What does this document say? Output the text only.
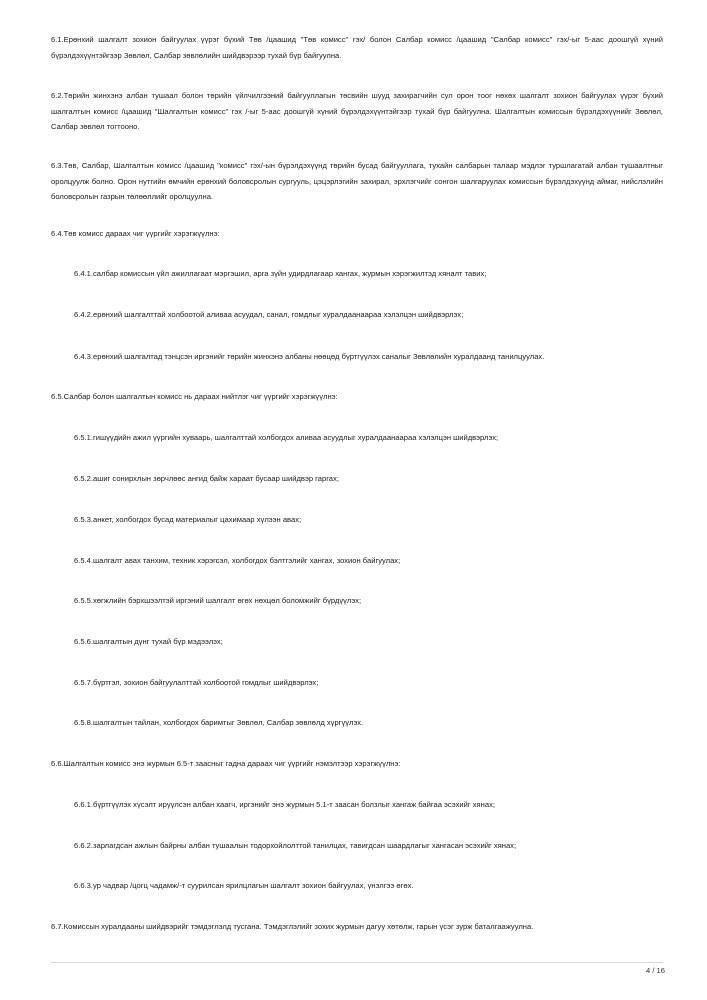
6.1.Ерөнхий шалгалт зохион байгуулах үүрэг бүхий Төв /цаашид "Төв комисс" гэх/ болон Салбар комисс /цаашид "Салбар комисс" гэх/-ыг 5-аас доошгүй хүний бүрэлдэхүүнтэйгээр Зөвлөл, Салбар зөвлөлийн шийдвэрээр тухай бүр байгуулна.

6.2.Төрийн жинхэнэ албан тушаал болон төрийн үйлчилгээний байгууллагын төсвийн шууд захирагчийн сул орон тоог нөхөх шалгалт зохион байгуулах үүрэг бүхий шалгалтын комисс /цаашид "Шалгалтын комисс" гэх /-ыг 5-аас доошгүй хүний бүрэлдэхүүнтэйгээр тухай бүр байгуулна. Шалгалтын комиссын бүрэлдэхүүнийг Зөвлөл, Салбар зөвлөл тогтооно.

6.3.Төв, Салбар, Шалгалтын комисс /цаашид "комисс" гэх/-ын бүрэлдэхүүнд төрийн бусад байгууллага, тухайн салбарын талаар мэдлэг туршлагатай албан тушаалтныг оролцуулж болно. Орон нутгийн өмчийн ерөнхий боловсролын сургууль, цэцэрлэгийн захирал, эрхлэгчийг сонгон шалгаруулах комиссын бүрэлдэхүүнд аймаг, нийслэлийн боловсролын газрын төлөөллийг оролцуулна.

6.4.Төв комисс дараах чиг үүргийг хэрэгжүүлнэ:

6.4.1.салбар комиссын үйл ажиллагаат мэргэшил, арга зүйн удирдлагаар хангах, журмын хэрэгжилтэд хяналт тавих;

6.4.2.ерөнхий шалгалттай холбоотой аливаа асуудал, санал, гомдлыг хуралдаанаараа хэлэлцэн шийдвэрлэх;

6.4.3.ерөнхий шалгалтад тэнцсэн иргэнийг төрийн жинхэнэ албаны нөөцөд бүртгүүлэх саналыг Зөвлөлийн хуралдаанд танилцуулах.

6.5.Салбар болон шалгалтын комисс нь дараах нийтлэг чиг үүргийг хэрэгжүүлнэ:

6.5.1.гишүүдийн ажил үүргийн хуваарь, шалгалттай холбогдох аливаа асуудлыг хуралдаанаараа хэлэлцэн шийдвэрлэх;

6.5.2.ашиг сонирхлын зөрчлөөс ангид байж хараат бусаар шийдвэр гаргах;

6.5.3.анкет, холбогдох бусад материалыг цахимаар хүлээн авах;

6.5.4.шалгалт авах танхим, техник хэрэгсэл, холбогдох бэлтгэлийг хангах, зохион байгуулах;

6.5.5.хөгжлийн бэрхшээлтэй иргэний шалгалт өгөх нөхцөл боломжийг бүрдүүлэх;

6.5.6.шалгалтын дүнг тухай бүр мэдээлэх;

6.5.7.бүртгэл, зохион байгуулалттай холбоотой гомдлыг шийдвэрлэх;

6.5.8.шалгалтын тайлан, холбогдох баримтыг Зөвлөл, Салбар зөвлөлд хүргүүлэх.

6.6.Шалгалтын комисс энэ журмын 6.5-т заасныг гадна дараах чиг үүргийг нэмэлтээр хэрэгжүүлнэ:

6.6.1.бүртгүүлэх хүсэлт ирүүлсэн албан хаагч, иргэнийг энэ журмын 5.1-т заасан болзлыг хангаж байгаа эсэхийг хянах;

6.6.2.зарлагдсан ажлын байрны албан тушаалын тодорхойлолттой танилцах, тавигдсан шаардлагыг хангасан эсэхийг хянах;

6.6.3.ур чадвар /цогц чадамж/-т суурилсан ярилцлагын шалгалт зохион байгуулах, үнэлгээ өгөх.

6.7.Комиссын хуралдааны шийдвэрийг тэмдэглэлд тусгана. Тэмдэглэлийг зохих журмын дагуу хөтөлж, гарын үсэг зурж баталгаажуулна.

4 / 16
